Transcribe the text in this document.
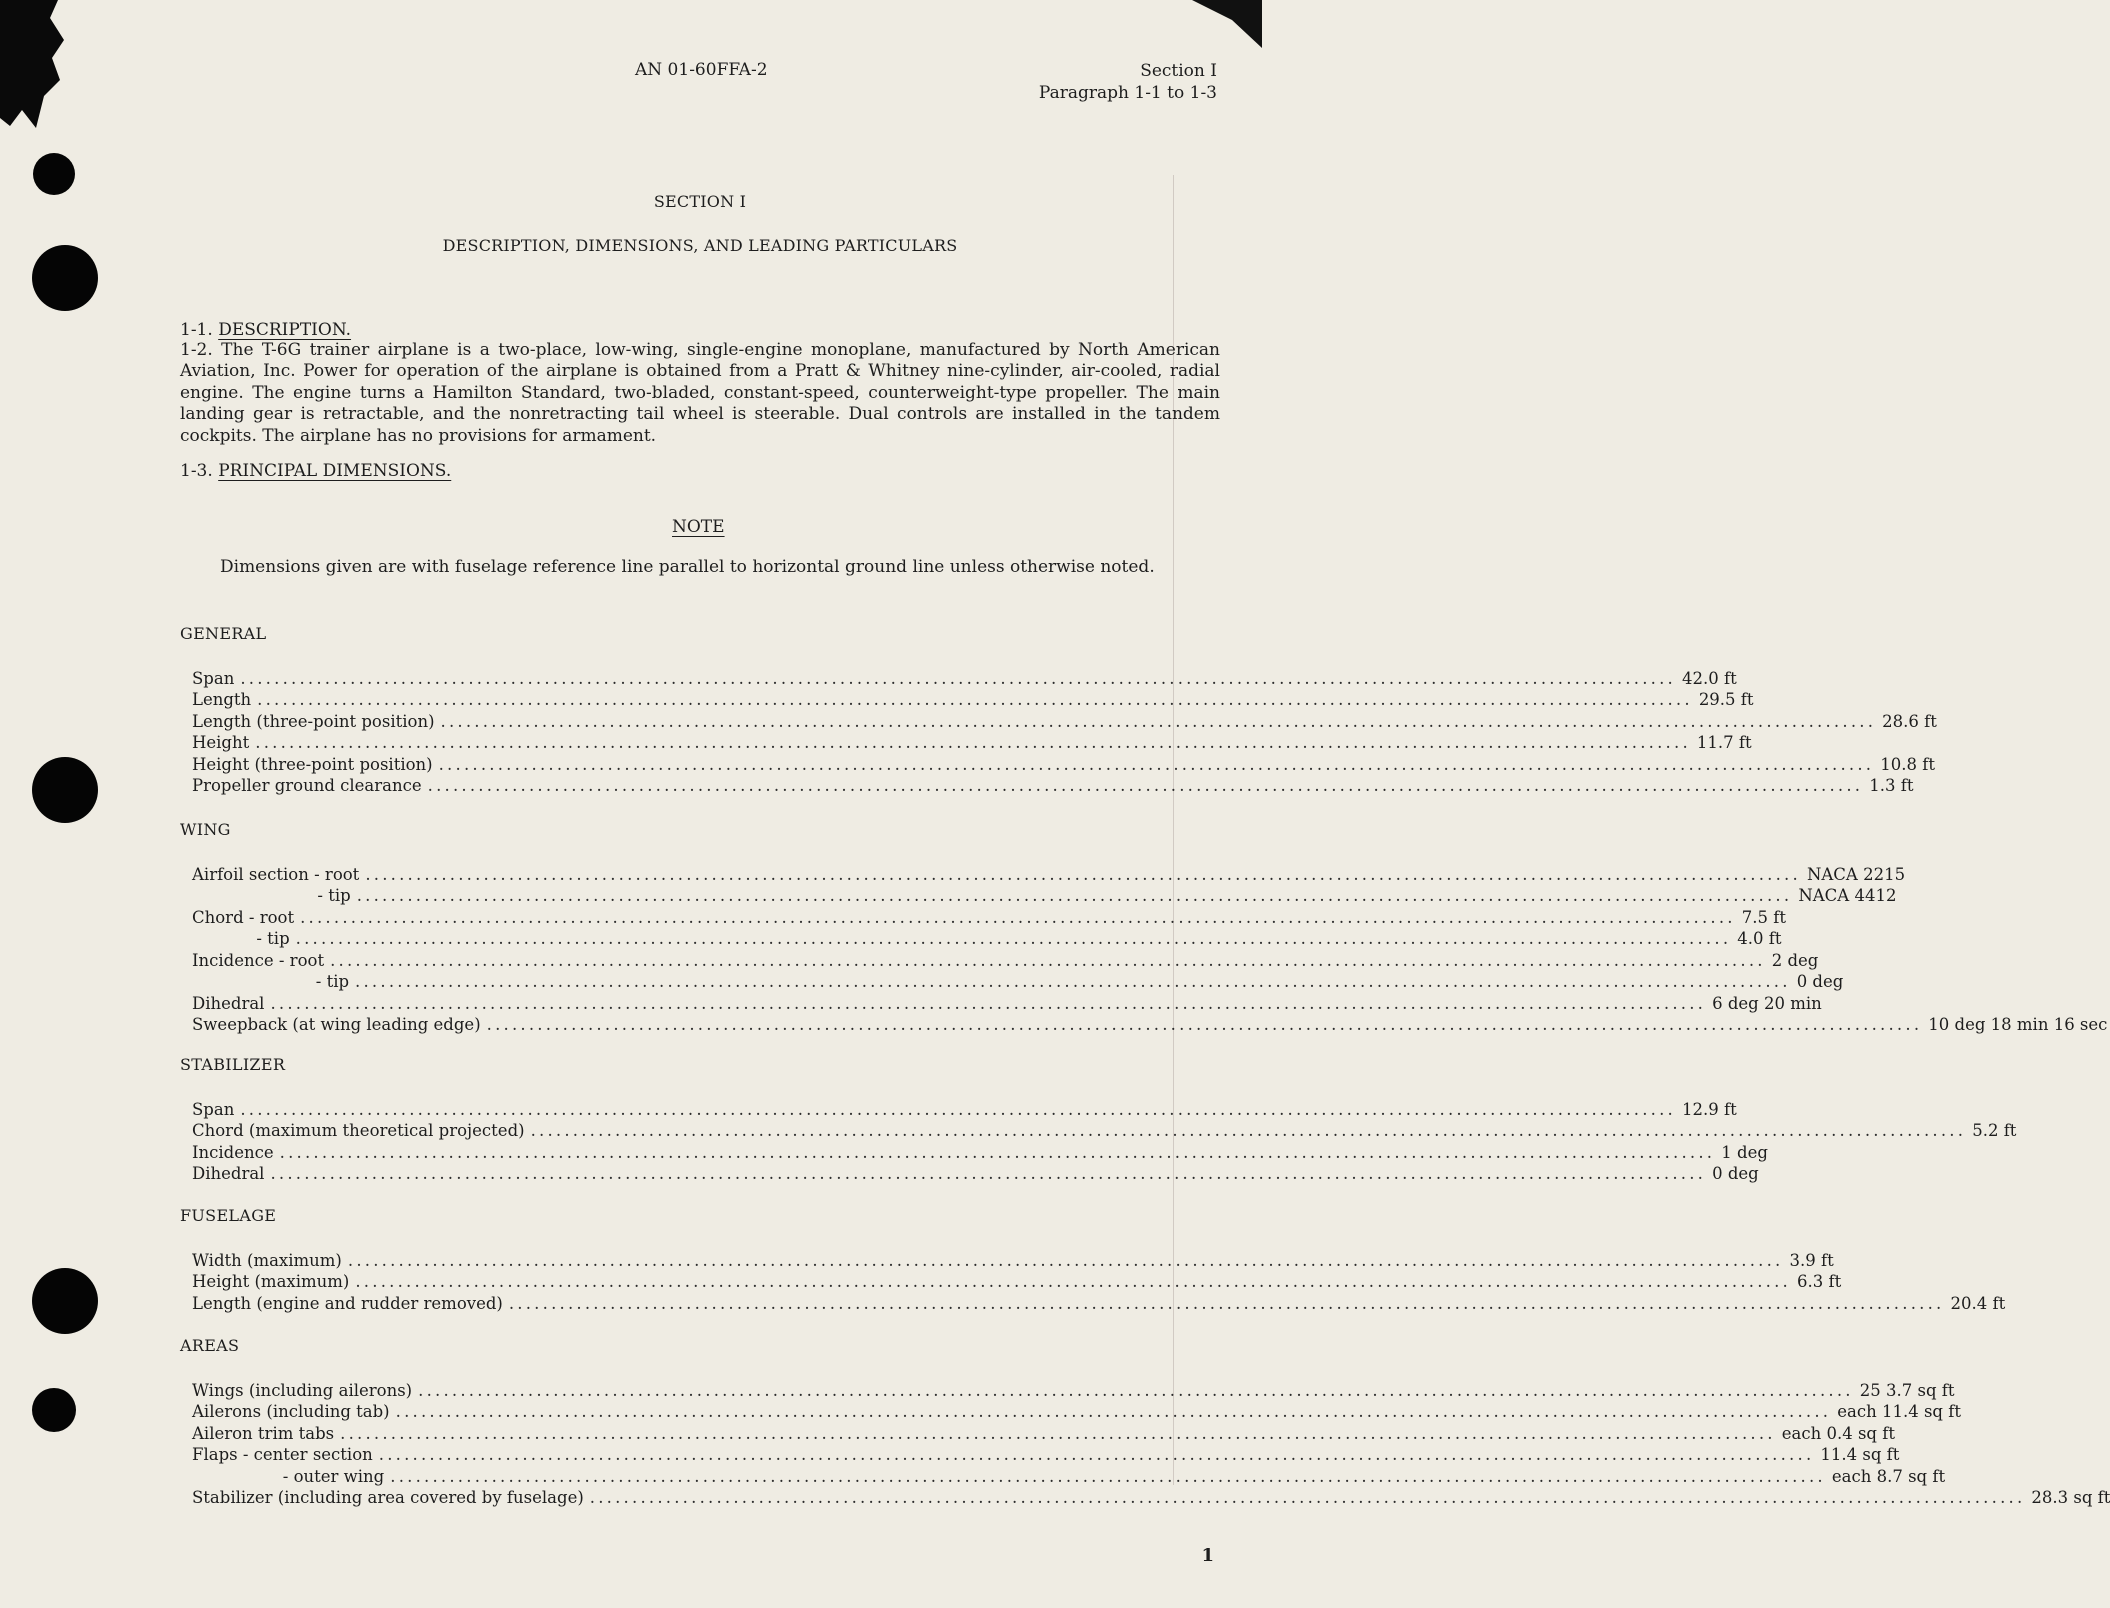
AN 01-60FFA-2	Section I
Paragraph 1-1 to 1-3
SECTION I
DESCRIPTION, DIMENSIONS, AND LEADING PARTICULARS
1-1. DESCRIPTION.
1-2. The T-6G trainer airplane is a two-place, low-wing, single-engine monoplane, manufactured by North American Aviation, Inc. Power for operation of the airplane is obtained from a Pratt & Whitney nine-cylinder, air-cooled, radial engine. The engine turns a Hamilton Standard, two-bladed, constant-speed, counterweight-type propeller. The main landing gear is retractable, and the nonretracting tail wheel is steerable. Dual controls are installed in the tandem cockpits. The airplane has no provisions for armament.
1-3. PRINCIPAL DIMENSIONS.
NOTE
Dimensions given are with fuselage reference line parallel to horizontal ground line unless otherwise noted.
GENERAL
Span .......................................................................................................................................................................... 42.0 ft
Length .......................................................................................................................................................................... 29.5 ft
Length (three-point position) .......................................................................................................................................................................... 28.6 ft
Height .......................................................................................................................................................................... 11.7 ft
Height (three-point position) .......................................................................................................................................................................... 10.8 ft
Propeller ground clearance .......................................................................................................................................................................... 1.3 ft
WING
Airfoil section - root .......................................................................................................................................................................... NACA 2215
- tip .......................................................................................................................................................................... NACA 4412
Chord - root .......................................................................................................................................................................... 7.5 ft
- tip .......................................................................................................................................................................... 4.0 ft
Incidence - root .......................................................................................................................................................................... 2 deg
- tip .......................................................................................................................................................................... 0 deg
Dihedral .......................................................................................................................................................................... 6 deg 20 min
Sweepback (at wing leading edge) .......................................................................................................................................................................... 10 deg 18 min 16 sec
STABILIZER
Span .......................................................................................................................................................................... 12.9 ft
Chord (maximum theoretical projected) .......................................................................................................................................................................... 5.2 ft
Incidence .......................................................................................................................................................................... 1 deg
Dihedral .......................................................................................................................................................................... 0 deg
FUSELAGE
Width (maximum) .......................................................................................................................................................................... 3.9 ft
Height (maximum) .......................................................................................................................................................................... 6.3 ft
Length (engine and rudder removed) .......................................................................................................................................................................... 20.4 ft
AREAS
Wings (including ailerons) .......................................................................................................................................................................... 25 3.7 sq ft
Ailerons (including tab) .......................................................................................................................................................................... each 11.4 sq ft
Aileron trim tabs .......................................................................................................................................................................... each 0.4 sq ft
Flaps - center section .......................................................................................................................................................................... 11.4 sq ft
- outer wing .......................................................................................................................................................................... each 8.7 sq ft
Stabilizer (including area covered by fuselage) .......................................................................................................................................................................... 28.3 sq ft
1
